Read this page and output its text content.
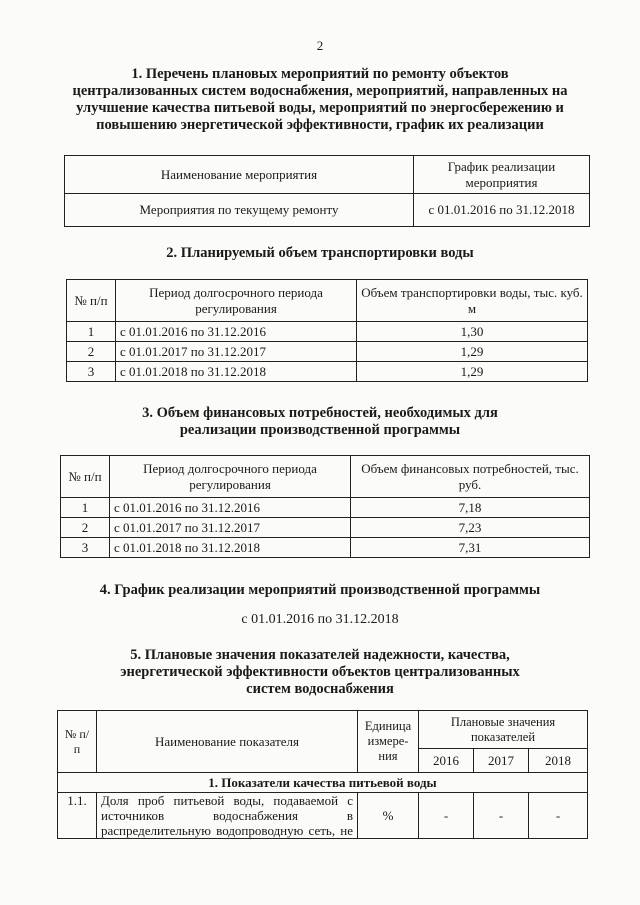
2
1. Перечень плановых мероприятий по ремонту объектов
централизованных систем водоснабжения, мероприятий, направленных на
улучшение качества питьевой воды, мероприятий по энергосбережению и
повышению энергетической эффективности, график их реализации
Наименование мероприятия	График реализации мероприятия
Мероприятия по текущему ремонту	с 01.01.2016 по 31.12.2018
2. Планируемый объем транспортировки воды
№ п/п	Период долгосрочного периода регулирования	Объем транспортировки воды, тыс. куб. м
1	с 01.01.2016 по 31.12.2016	1,30
2	с 01.01.2017 по 31.12.2017	1,29
3	с 01.01.2018 по 31.12.2018	1,29
3. Объем финансовых потребностей, необходимых для
реализации производственной программы
№ п/п	Период долгосрочного периода регулирования	Объем финансовых потребностей, тыс. руб.
1	с 01.01.2016 по 31.12.2016	7,18
2	с 01.01.2017 по 31.12.2017	7,23
3	с 01.01.2018 по 31.12.2018	7,31
4. График реализации мероприятий производственной программы
с 01.01.2016 по 31.12.2018
5. Плановые значения показателей надежности, качества,
энергетической эффективности объектов централизованных
систем водоснабжения
№ п/п	Наименование показателя	Единица измере-ния	Плановые значения показателей		
			2016	2017	2018
1. Показатели качества питьевой воды					
1.1.	Доля проб питьевой воды, подаваемой с
источников водоснабжения в
распределительную водопроводную сеть, не	%	-	-	-
